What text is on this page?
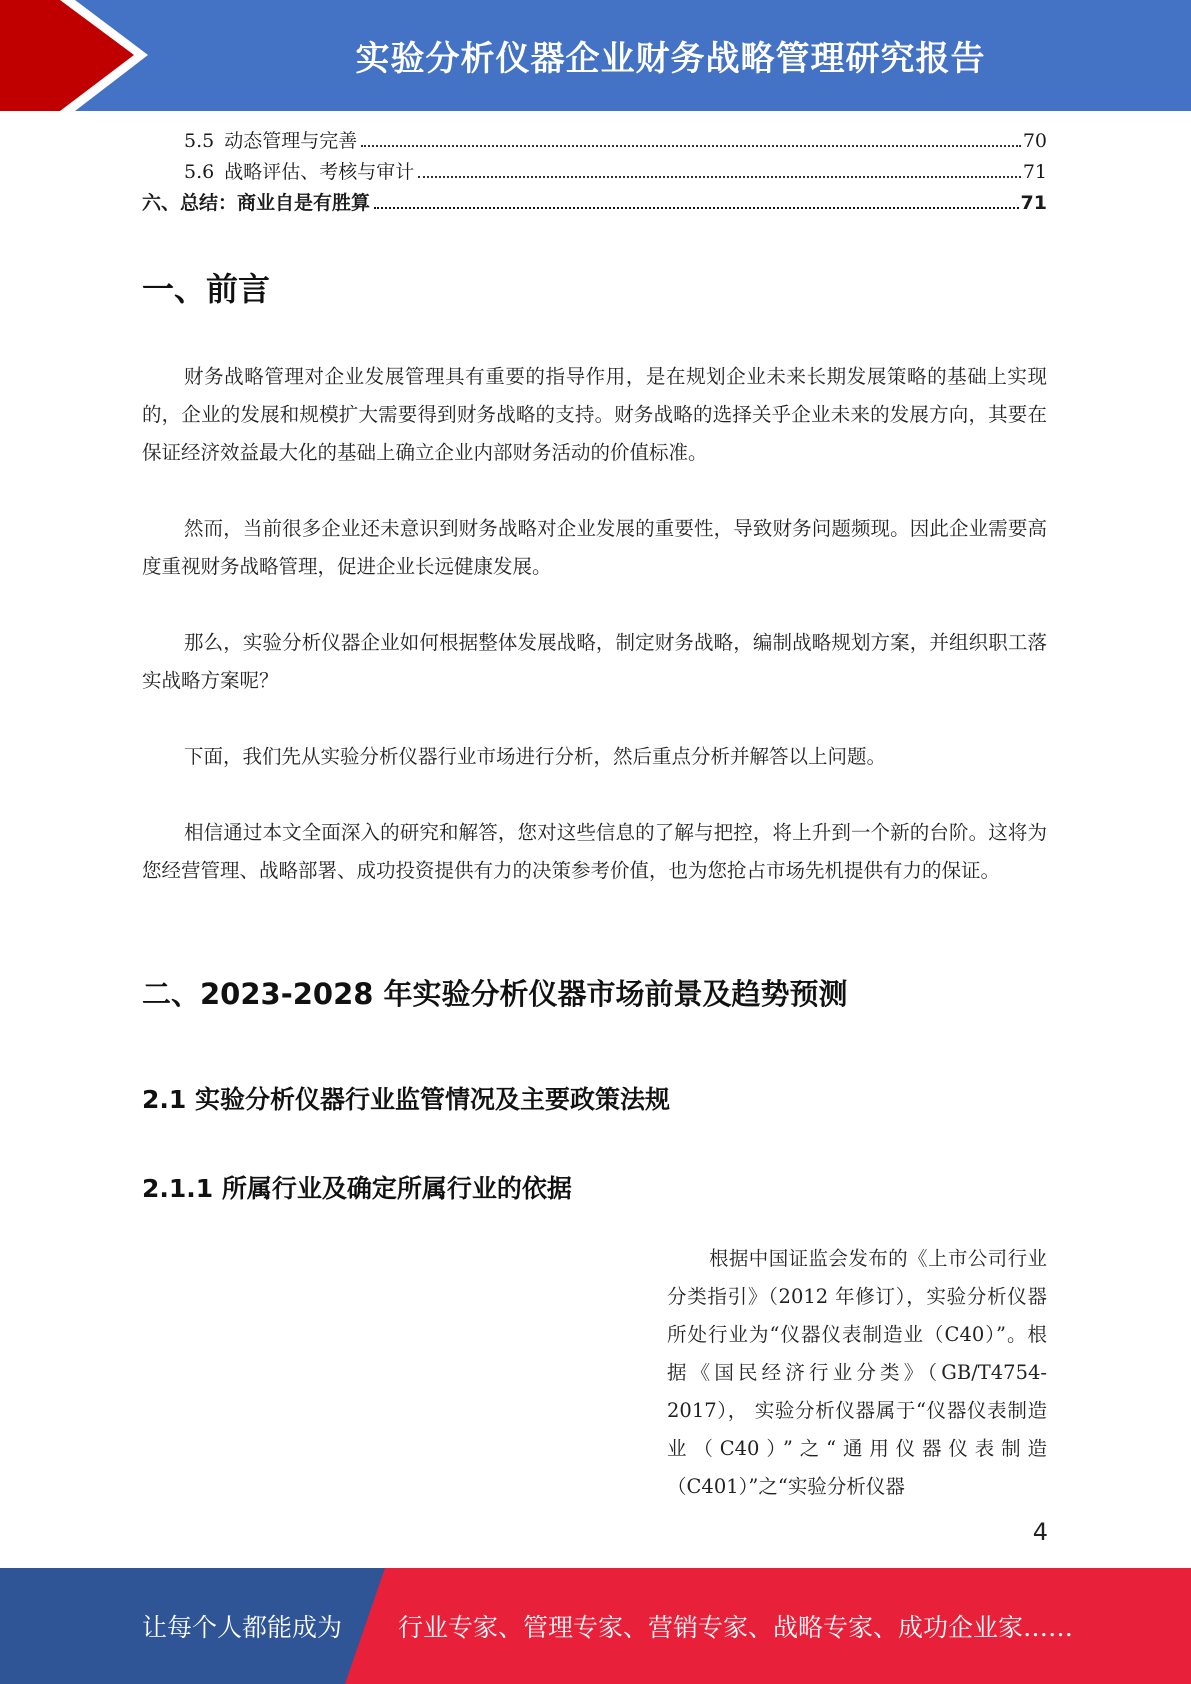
实验分析仪器企业财务战略管理研究报告
5.5 动态管理与完善	70
5.6 战略评估、考核与审计	71
六、总结：商业自是有胜算	71
一、前言
财务战略管理对企业发展管理具有重要的指导作用，是在规划企业未来长期发展策略的基础上实现的，企业的发展和规模扩大需要得到财务战略的支持。财务战略的选择关乎企业未来的发展方向，其要在保证经济效益最大化的基础上确立企业内部财务活动的价值标准。
然而，当前很多企业还未意识到财务战略对企业发展的重要性，导致财务问题频现。因此企业需要高度重视财务战略管理，促进企业长远健康发展。
那么，实验分析仪器企业如何根据整体发展战略，制定财务战略，编制战略规划方案，并组织职工落实战略方案呢？
下面，我们先从实验分析仪器行业市场进行分析，然后重点分析并解答以上问题。
相信通过本文全面深入的研究和解答，您对这些信息的了解与把控，将上升到一个新的台阶。这将为您经营管理、战略部署、成功投资提供有力的决策参考价值，也为您抢占市场先机提供有力的保证。
二、2023-2028 年实验分析仪器市场前景及趋势预测
2.1 实验分析仪器行业监管情况及主要政策法规
2.1.1 所属行业及确定所属行业的依据
根据中国证监会发布的《上市公司行业分类指引》（2012 年修订），实验分析仪器所处行业为“仪器仪表制造业（C40）”。根据《国民经济行业分类》（GB/T4754-2017）， 实验分析仪器属于“仪器仪表制造业（C40）”之“通用仪器仪表制造（C401）”之“实验分析仪器
4
让每个人都能成为 行业专家、管理专家、营销专家、战略专家、成功企业家……
